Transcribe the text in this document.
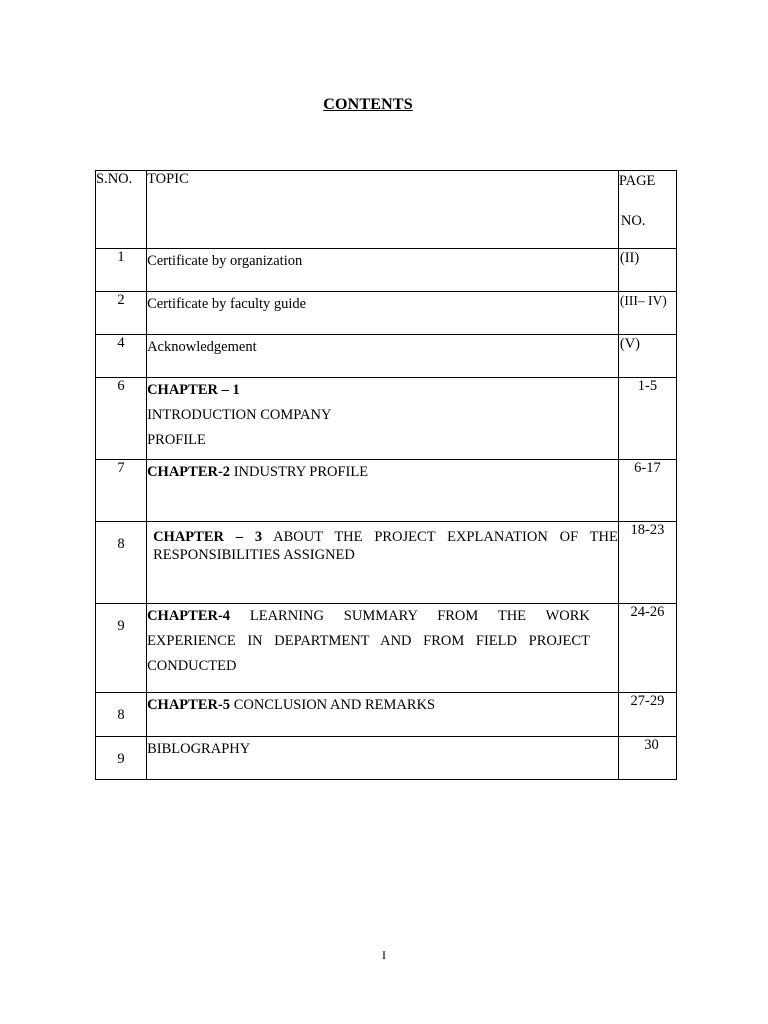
CONTENTS
S.NO.	TOPIC	PAGE
NO.

1	Certificate by organization	(II)
2	Certificate by faculty guide	(III– IV)
4	Acknowledgement	(V)
6	CHAPTER – 1
INTRODUCTION COMPANY
PROFILE	1-5
7	CHAPTER-2 INDUSTRY PROFILE	6-17
8	CHAPTER – 3 ABOUT THE PROJECT EXPLANATION OF THE RESPONSIBILITIES ASSIGNED	18-23
9	CHAPTER-4 LEARNING SUMMARY FROM THE WORK EXPERIENCE IN DEPARTMENT AND FROM FIELD PROJECT CONDUCTED	24-26
8	CHAPTER-5 CONCLUSION AND REMARKS	27-29
9	BIBLOGRAPHY	30
I
